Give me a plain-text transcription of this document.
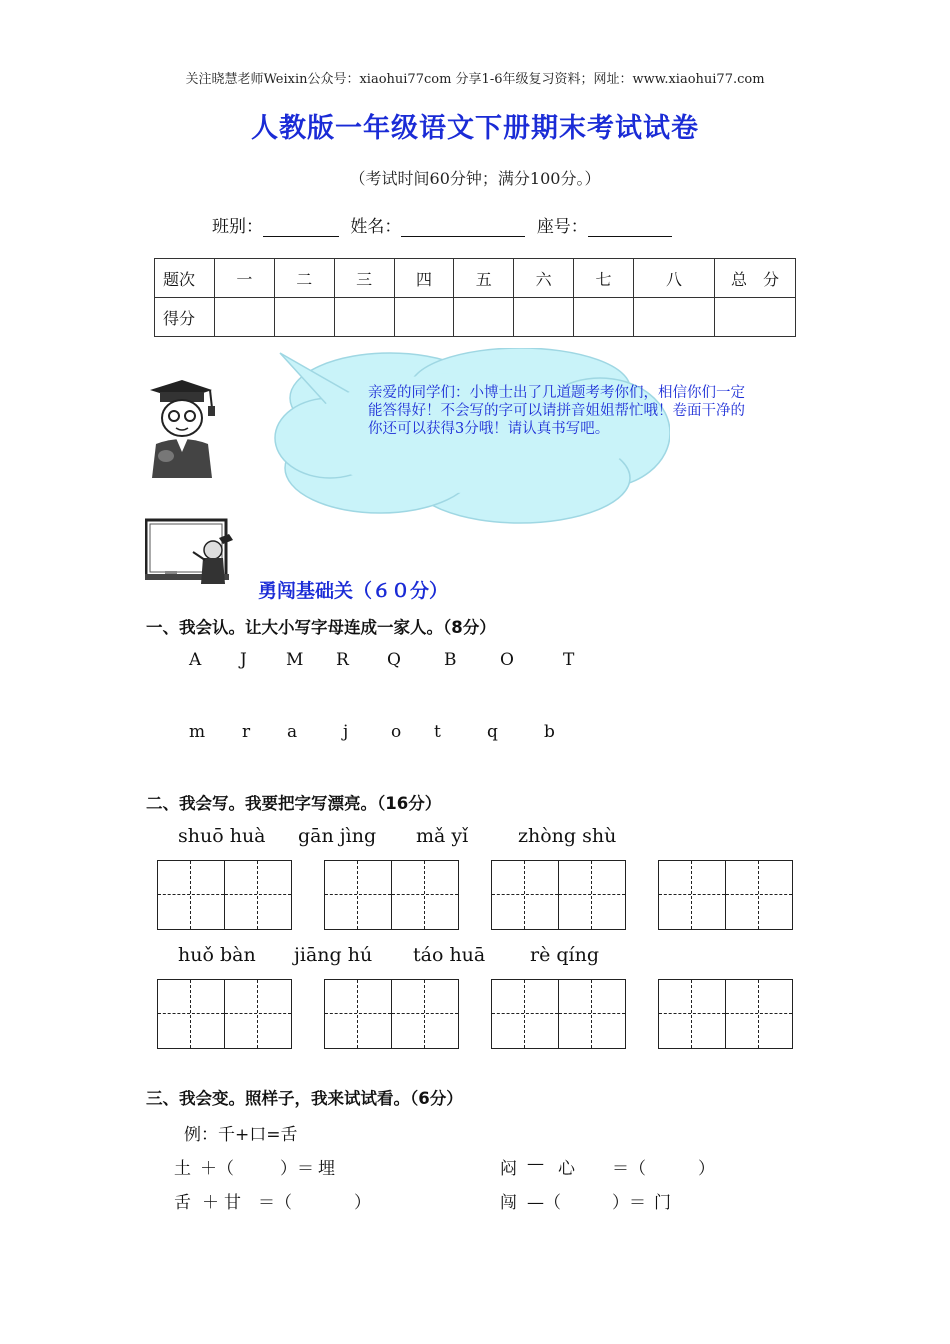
关注晓慧老师Weixin公众号：xiaohui77com 分享1-6年级复习资料；网址：www.xiaohui77.com
人教版一年级语文下册期末考试试卷
（考试时间60分钟；满分100分。）
班别：	姓名：	座号：
题次	一	二	三	四	五	六	七	八	总　分
得分									
亲爱的同学们：小博士出了几道题考考你们，相信你们一定能答得好！不会写的字可以请拼音姐姐帮忙哦！卷面干净的你还可以获得3分哦！请认真书写吧。
勇闯基础关（６０分）
一、我会认。让大小写字母连成一家人。（8分）
A J M R Q	B	O	T
m r a	j	o t	q	b
二、我会写。我要把字写漂亮。（16分）
shuō huà gān jìng mǎ yǐ	zhòng shù
huǒ bàn jiāng hú táo huā rè qíng
三、我会变。照样子，我来试试看。（6分）
例：千+口=舌
土 ＋（	）＝ 埋	闷 — 心 ＝（	）
舌 ＋ 甘 ＝（	）	闯 —（	）＝ 门
